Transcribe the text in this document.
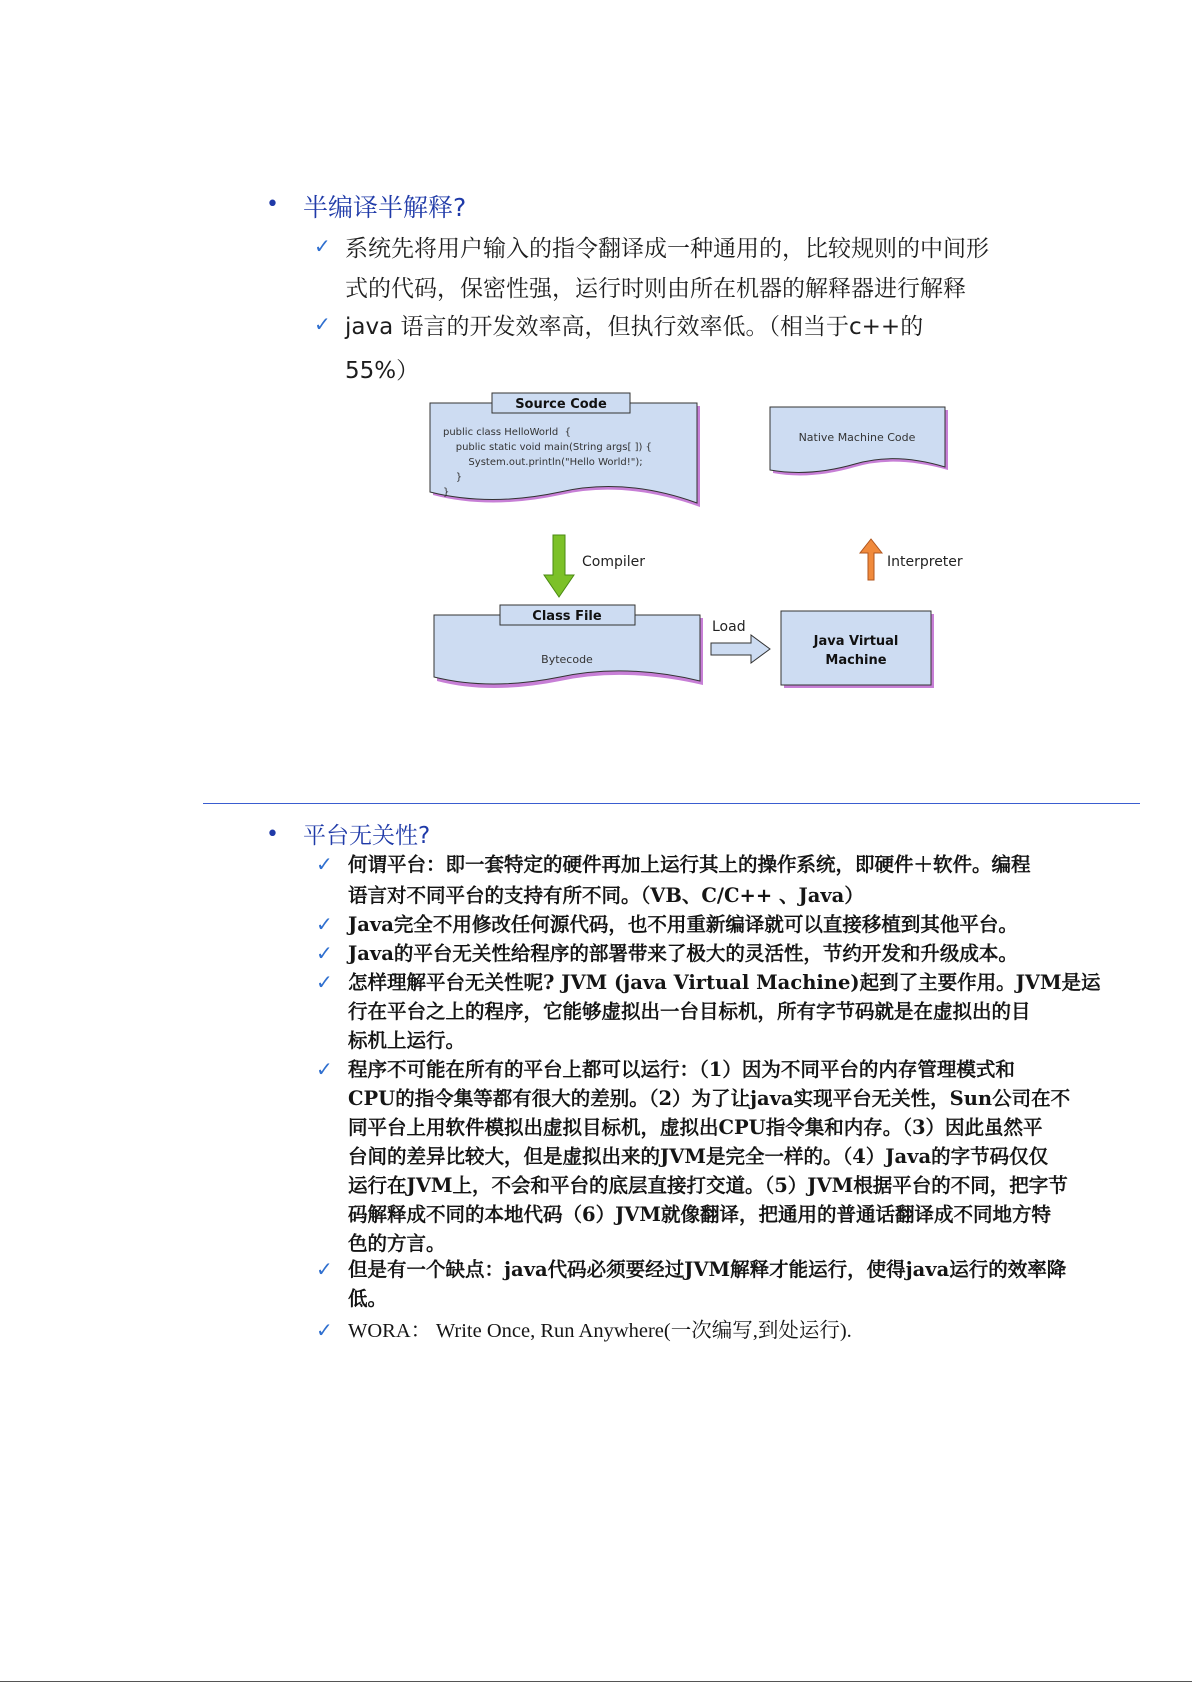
• 半编译半解释?
✓ 系统先将用户输入的指令翻译成一种通用的，比较规则的中间形
式的代码，保密性强，运行时则由所在机器的解释器进行解释
✓ java 语言的开发效率高，但执行效率低。（相当于c++的
55%）
Source Code
public class HelloWorld  {
public static void main(String args[ ]) {
System.out.println("Hello World!");
}
}
Native Machine Code
Compiler	Interpreter
Class File
Bytecode
Load
Java Virtual
Machine
• 平台无关性?
✓ 何谓平台：即一套特定的硬件再加上运行其上的操作系统，即硬件＋软件。编程
语言对不同平台的支持有所不同。（VB、C/C++ 、Java）
✓ Java完全不用修改任何源代码，也不用重新编译就可以直接移植到其他平台。
✓ Java的平台无关性给程序的部署带来了极大的灵活性，节约开发和升级成本。
✓ 怎样理解平台无关性呢? JVM (java Virtual Machine)起到了主要作用。JVM是运
行在平台之上的程序，它能够虚拟出一台目标机，所有字节码就是在虚拟出的目
标机上运行。
✓ 程序不可能在所有的平台上都可以运行：（1）因为不同平台的内存管理模式和
CPU的指令集等都有很大的差别。（2）为了让java实现平台无关性，Sun公司在不
同平台上用软件模拟出虚拟目标机，虚拟出CPU指令集和内存。（3）因此虽然平
台间的差异比较大，但是虚拟出来的JVM是完全一样的。（4）Java的字节码仅仅
运行在JVM上，不会和平台的底层直接打交道。（5）JVM根据平台的不同，把字节
码解释成不同的本地代码（6）JVM就像翻译，把通用的普通话翻译成不同地方特
色的方言。
✓ 但是有一个缺点：java代码必须要经过JVM解释才能运行，使得java运行的效率降
低。
✓ WORA： Write Once, Run Anywhere(一次编写,到处运行).
